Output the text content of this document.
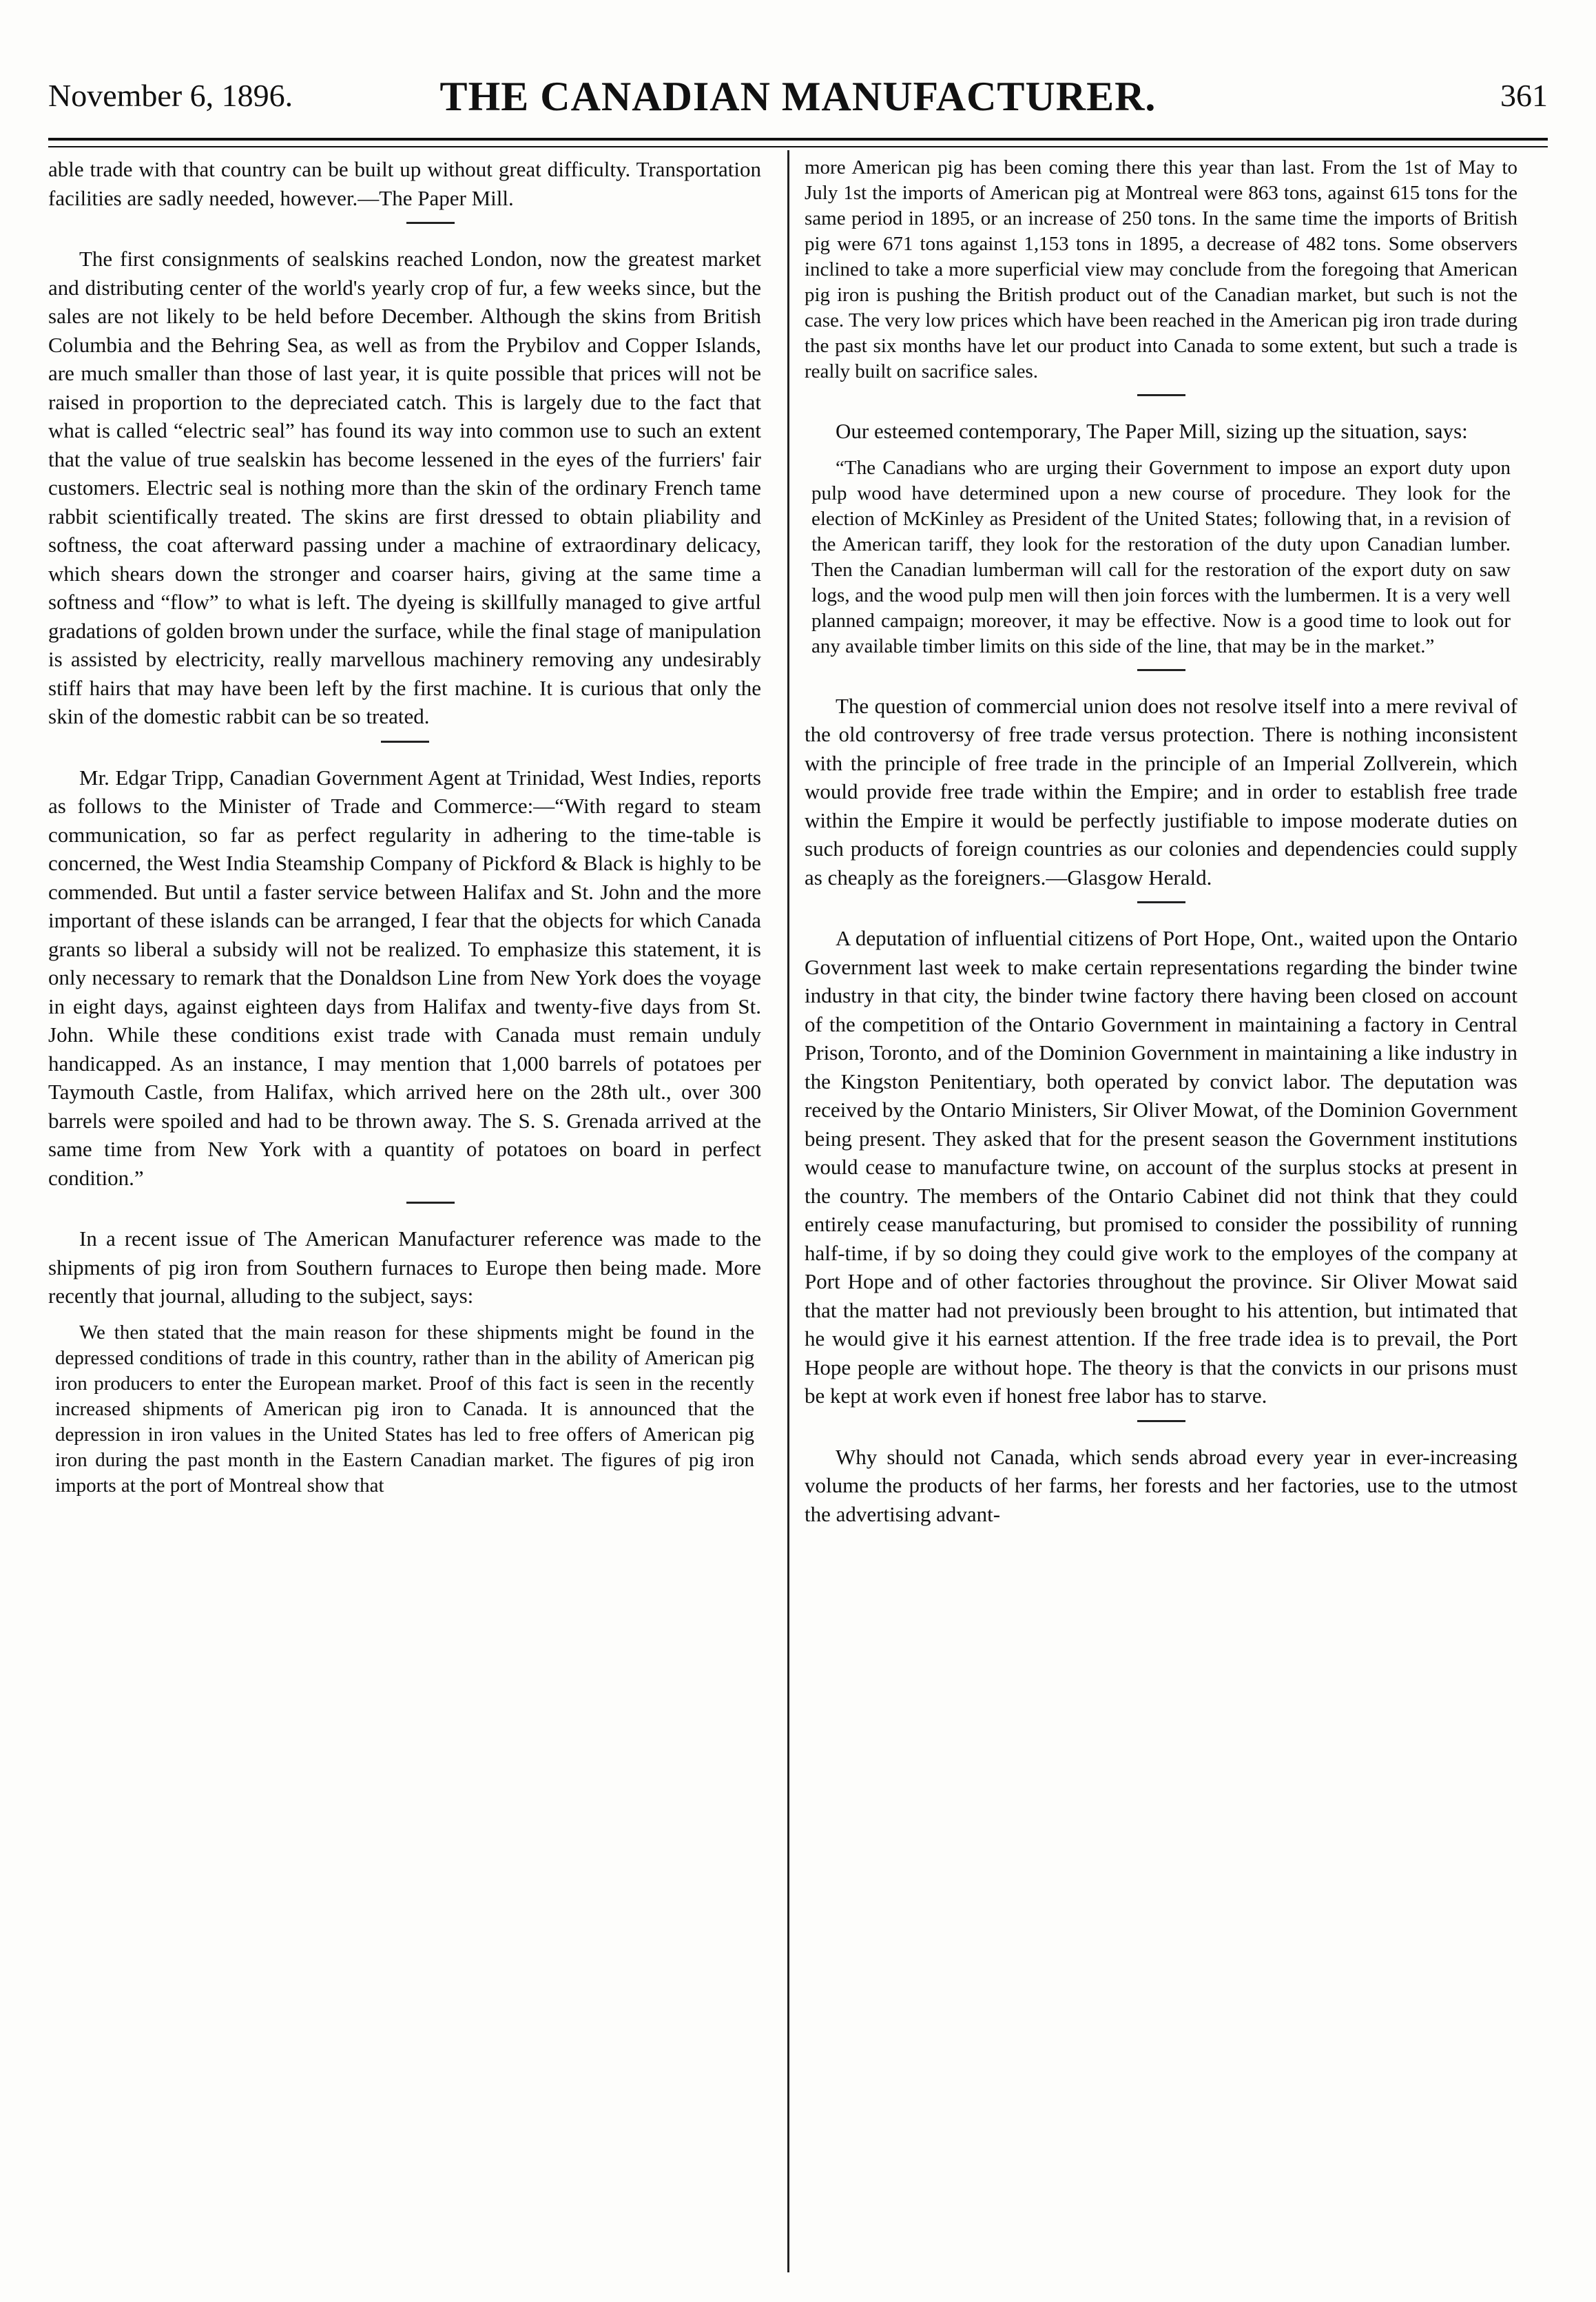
November 6, 1896.	THE CANADIAN MANUFACTURER.	361

able trade with that country can be built up without great difficulty. Transportation facilities are sadly needed, however.—The Paper Mill.

The first consignments of sealskins reached London, now the greatest market and distributing center of the world's yearly crop of fur, a few weeks since, but the sales are not likely to be held before December. Although the skins from British Columbia and the Behring Sea, as well as from the Prybilov and Copper Islands, are much smaller than those of last year, it is quite possible that prices will not be raised in proportion to the depreciated catch. This is largely due to the fact that what is called “electric seal” has found its way into common use to such an extent that the value of true sealskin has become lessened in the eyes of the furriers' fair customers. Electric seal is nothing more than the skin of the ordinary French tame rabbit scientifically treated. The skins are first dressed to obtain pliability and softness, the coat afterward passing under a machine of extraordinary delicacy, which shears down the stronger and coarser hairs, giving at the same time a softness and “flow” to what is left. The dyeing is skillfully managed to give artful gradations of golden brown under the surface, while the final stage of manipulation is assisted by electricity, really marvellous machinery removing any undesirably stiff hairs that may have been left by the first machine. It is curious that only the skin of the domestic rabbit can be so treated.

Mr. Edgar Tripp, Canadian Government Agent at Trinidad, West Indies, reports as follows to the Minister of Trade and Commerce:—“With regard to steam communication, so far as perfect regularity in adhering to the time-table is concerned, the West India Steamship Company of Pickford & Black is highly to be commended. But until a faster service between Halifax and St. John and the more important of these islands can be arranged, I fear that the objects for which Canada grants so liberal a subsidy will not be realized. To emphasize this statement, it is only necessary to remark that the Donaldson Line from New York does the voyage in eight days, against eighteen days from Halifax and twenty-five days from St. John. While these conditions exist trade with Canada must remain unduly handicapped. As an instance, I may mention that 1,000 barrels of potatoes per Taymouth Castle, from Halifax, which arrived here on the 28th ult., over 300 barrels were spoiled and had to be thrown away. The S. S. Grenada arrived at the same time from New York with a quantity of potatoes on board in perfect condition.”

In a recent issue of The American Manufacturer reference was made to the shipments of pig iron from Southern furnaces to Europe then being made. More recently that journal, alluding to the subject, says:

We then stated that the main reason for these shipments might be found in the depressed conditions of trade in this country, rather than in the ability of American pig iron producers to enter the European market. Proof of this fact is seen in the recently increased shipments of American pig iron to Canada. It is announced that the depression in iron values in the United States has led to free offers of American pig iron during the past month in the Eastern Canadian market. The figures of pig iron imports at the port of Montreal show that

more American pig has been coming there this year than last. From the 1st of May to July 1st the imports of American pig at Montreal were 863 tons, against 615 tons for the same period in 1895, or an increase of 250 tons. In the same time the imports of British pig were 671 tons against 1,153 tons in 1895, a decrease of 482 tons. Some observers inclined to take a more superficial view may conclude from the foregoing that American pig iron is pushing the British product out of the Canadian market, but such is not the case. The very low prices which have been reached in the American pig iron trade during the past six months have let our product into Canada to some extent, but such a trade is really built on sacrifice sales.

Our esteemed contemporary, The Paper Mill, sizing up the situation, says:

“The Canadians who are urging their Government to impose an export duty upon pulp wood have determined upon a new course of procedure. They look for the election of McKinley as President of the United States; following that, in a revision of the American tariff, they look for the restoration of the duty upon Canadian lumber. Then the Canadian lumberman will call for the restoration of the export duty on saw logs, and the wood pulp men will then join forces with the lumbermen. It is a very well planned campaign; moreover, it may be effective. Now is a good time to look out for any available timber limits on this side of the line, that may be in the market.”

The question of commercial union does not resolve itself into a mere revival of the old controversy of free trade versus protection. There is nothing inconsistent with the principle of free trade in the principle of an Imperial Zollverein, which would provide free trade within the Empire; and in order to establish free trade within the Empire it would be perfectly justifiable to impose moderate duties on such products of foreign countries as our colonies and dependencies could supply as cheaply as the foreigners.—Glasgow Herald.

A deputation of influential citizens of Port Hope, Ont., waited upon the Ontario Government last week to make certain representations regarding the binder twine industry in that city, the binder twine factory there having been closed on account of the competition of the Ontario Government in maintaining a factory in Central Prison, Toronto, and of the Dominion Government in maintaining a like industry in the Kingston Penitentiary, both operated by convict labor. The deputation was received by the Ontario Ministers, Sir Oliver Mowat, of the Dominion Government being present. They asked that for the present season the Government institutions would cease to manufacture twine, on account of the surplus stocks at present in the country. The members of the Ontario Cabinet did not think that they could entirely cease manufacturing, but promised to consider the possibility of running half-time, if by so doing they could give work to the employes of the company at Port Hope and of other factories throughout the province. Sir Oliver Mowat said that the matter had not previously been brought to his attention, but intimated that he would give it his earnest attention. If the free trade idea is to prevail, the Port Hope people are without hope. The theory is that the convicts in our prisons must be kept at work even if honest free labor has to starve.

Why should not Canada, which sends abroad every year in ever-increasing volume the products of her farms, her forests and her factories, use to the utmost the advertising advant-
